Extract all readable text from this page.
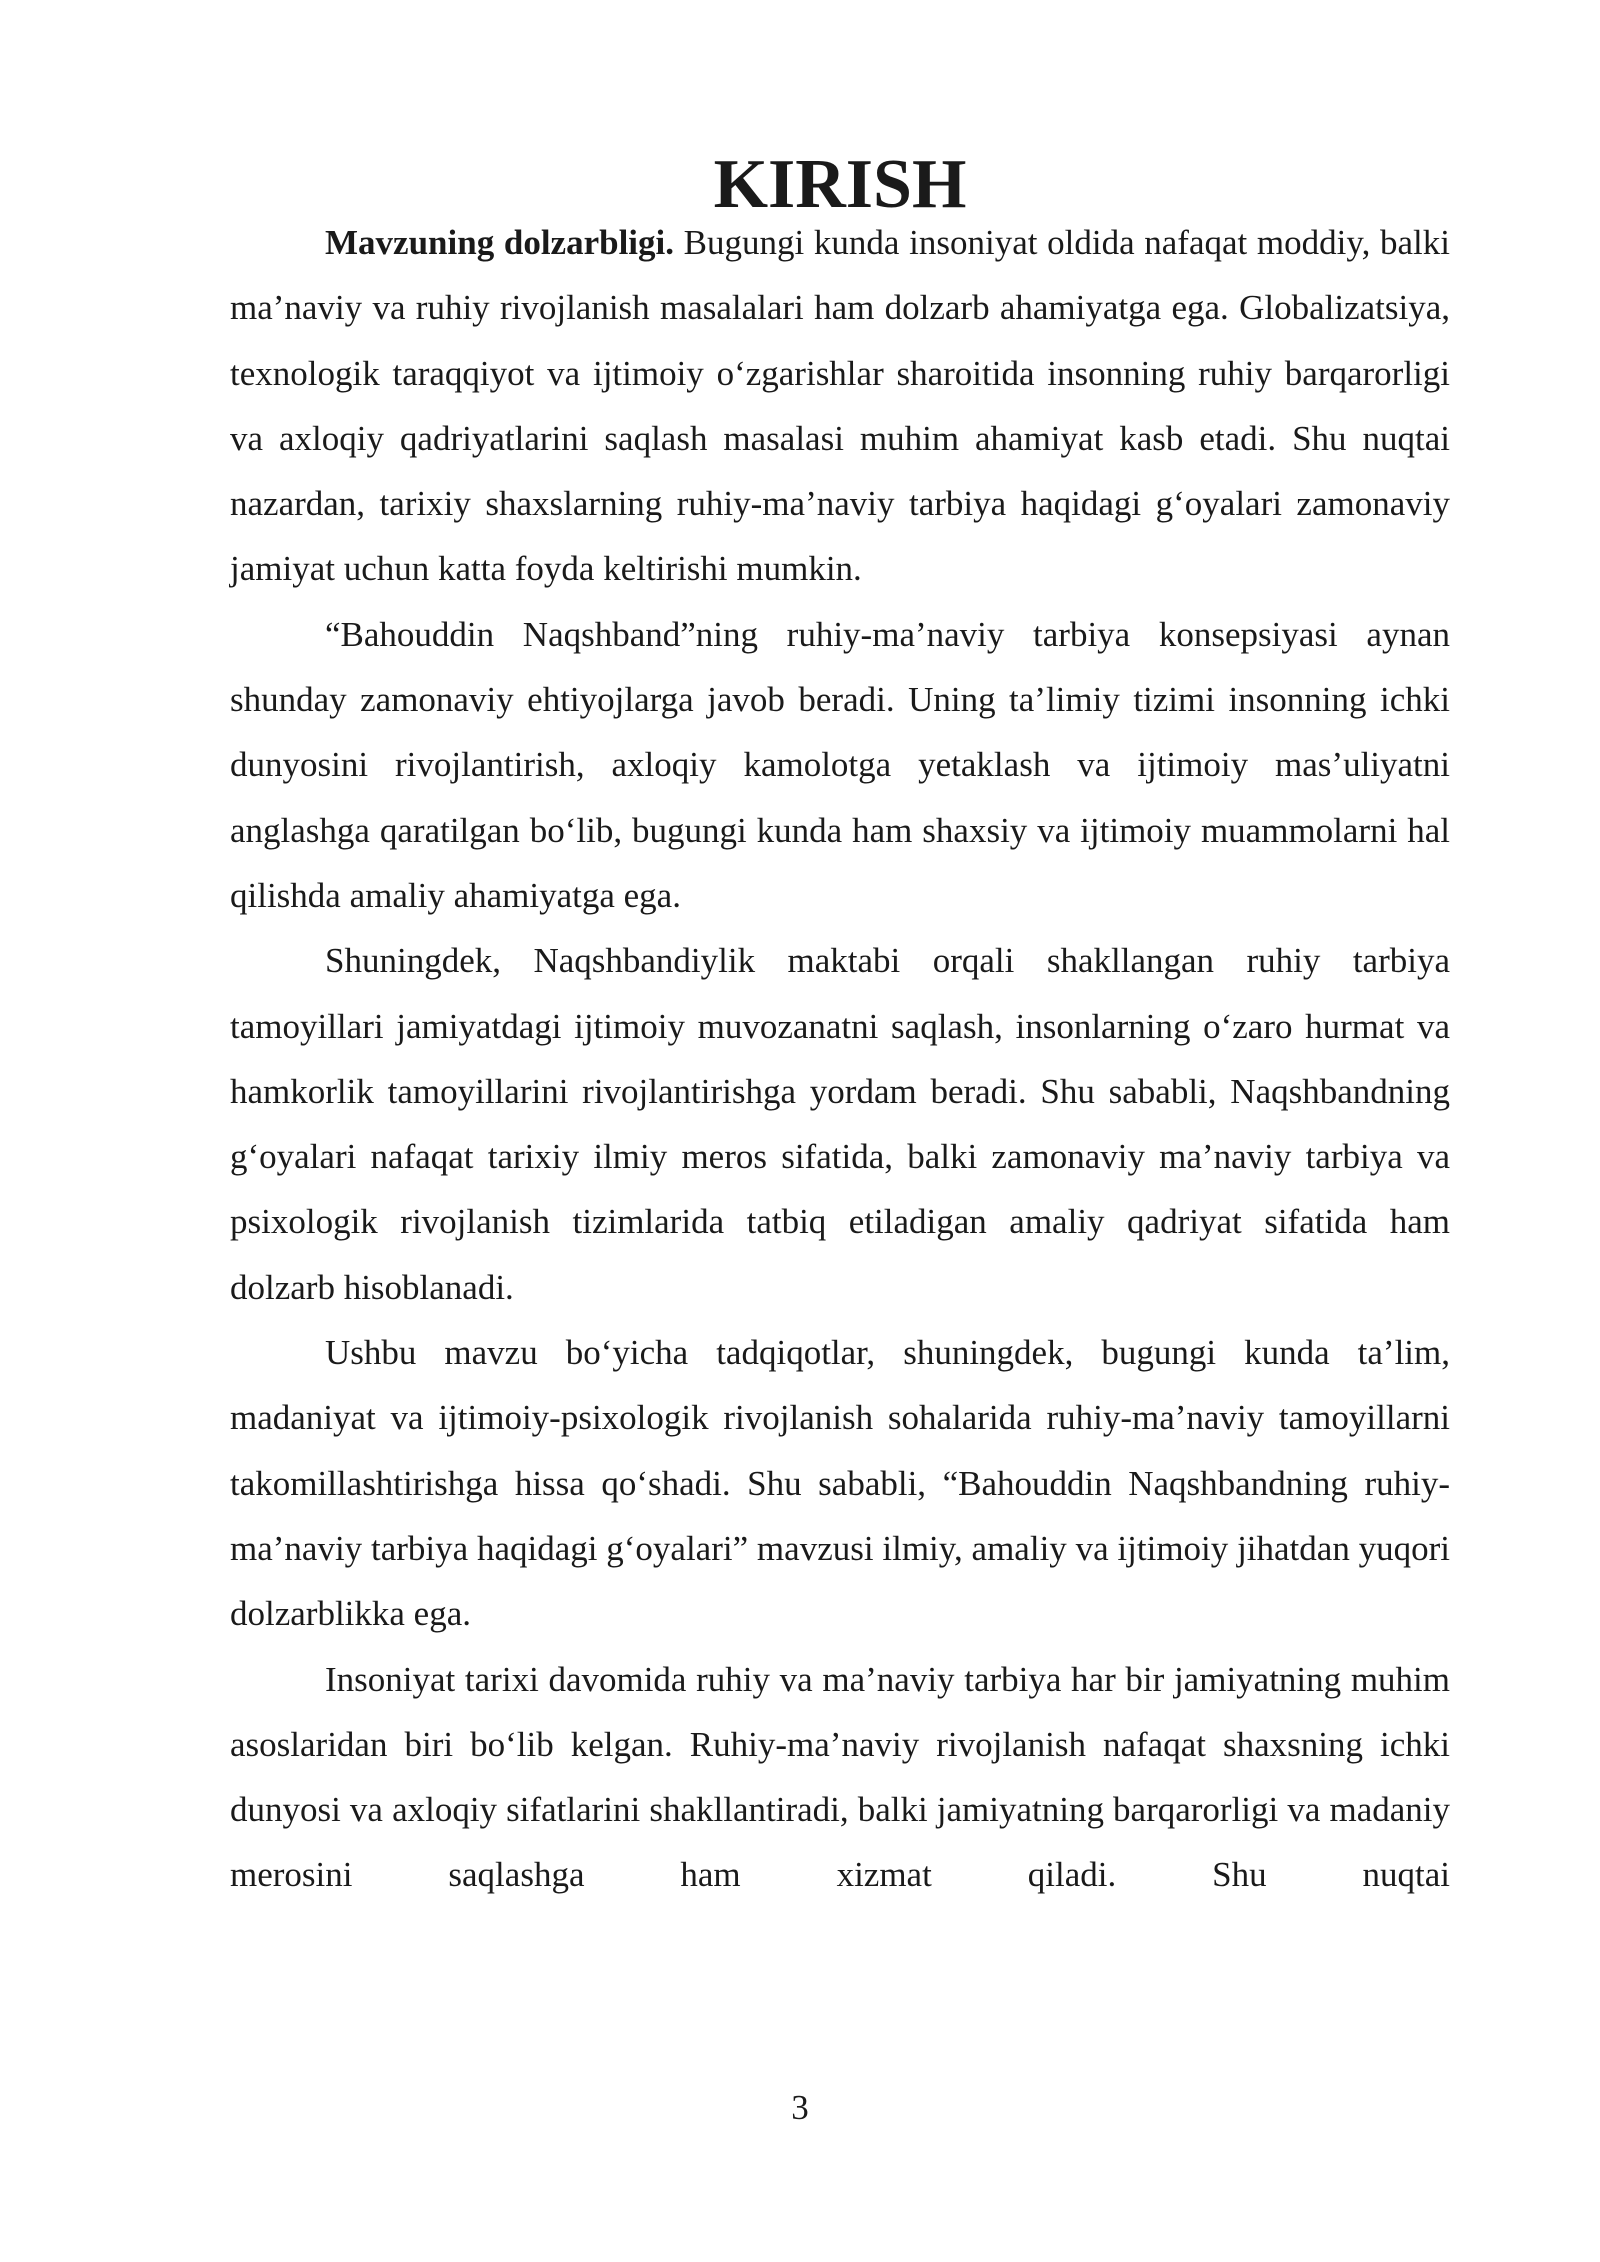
KIRISH

Mavzuning dolzarbligi. Bugungi kunda insoniyat oldida nafaqat moddiy, balki ma’naviy va ruhiy rivojlanish masalalari ham dolzarb ahamiyatga ega. Globalizatsiya, texnologik taraqqiyot va ijtimoiy o‘zgarishlar sharoitida insonning ruhiy barqarorligi va axloqiy qadriyatlarini saqlash masalasi muhim ahamiyat kasb etadi. Shu nuqtai nazardan, tarixiy shaxslarning ruhiy-ma’naviy tarbiya haqidagi g‘oyalari zamonaviy jamiyat uchun katta foyda keltirishi mumkin.

“Bahouddin Naqshband”ning ruhiy-ma’naviy tarbiya konsepsiyasi aynan shunday zamonaviy ehtiyojlarga javob beradi. Uning ta’limiy tizimi insonning ichki dunyosini rivojlantirish, axloqiy kamolotga yetaklash va ijtimoiy mas’uliyatni anglashga qaratilgan bo‘lib, bugungi kunda ham shaxsiy va ijtimoiy muammolarni hal qilishda amaliy ahamiyatga ega.

Shuningdek, Naqshbandiylik maktabi orqali shakllangan ruhiy tarbiya tamoyillari jamiyatdagi ijtimoiy muvozanatni saqlash, insonlarning o‘zaro hurmat va hamkorlik tamoyillarini rivojlantirishga yordam beradi. Shu sababli, Naqshbandning g‘oyalari nafaqat tarixiy ilmiy meros sifatida, balki zamonaviy ma’naviy tarbiya va psixologik rivojlanish tizimlarida tatbiq etiladigan amaliy qadriyat sifatida ham dolzarb hisoblanadi.

Ushbu mavzu bo‘yicha tadqiqotlar, shuningdek, bugungi kunda ta’lim, madaniyat va ijtimoiy-psixologik rivojlanish sohalarida ruhiy-ma’naviy tamoyillarni takomillashtirishga hissa qo‘shadi. Shu sababli, “Bahouddin Naqshbandning ruhiy-ma’naviy tarbiya haqidagi g‘oyalari” mavzusi ilmiy, amaliy va ijtimoiy jihatdan yuqori dolzarblikka ega.

Insoniyat tarixi davomida ruhiy va ma’naviy tarbiya har bir jamiyatning muhim asoslaridan biri bo‘lib kelgan. Ruhiy-ma’naviy rivojlanish nafaqat shaxsning ichki dunyosi va axloqiy sifatlarini shakllantiradi, balki jamiyatning barqarorligi va madaniy merosini saqlashga ham xizmat qiladi. Shu nuqtai

3
